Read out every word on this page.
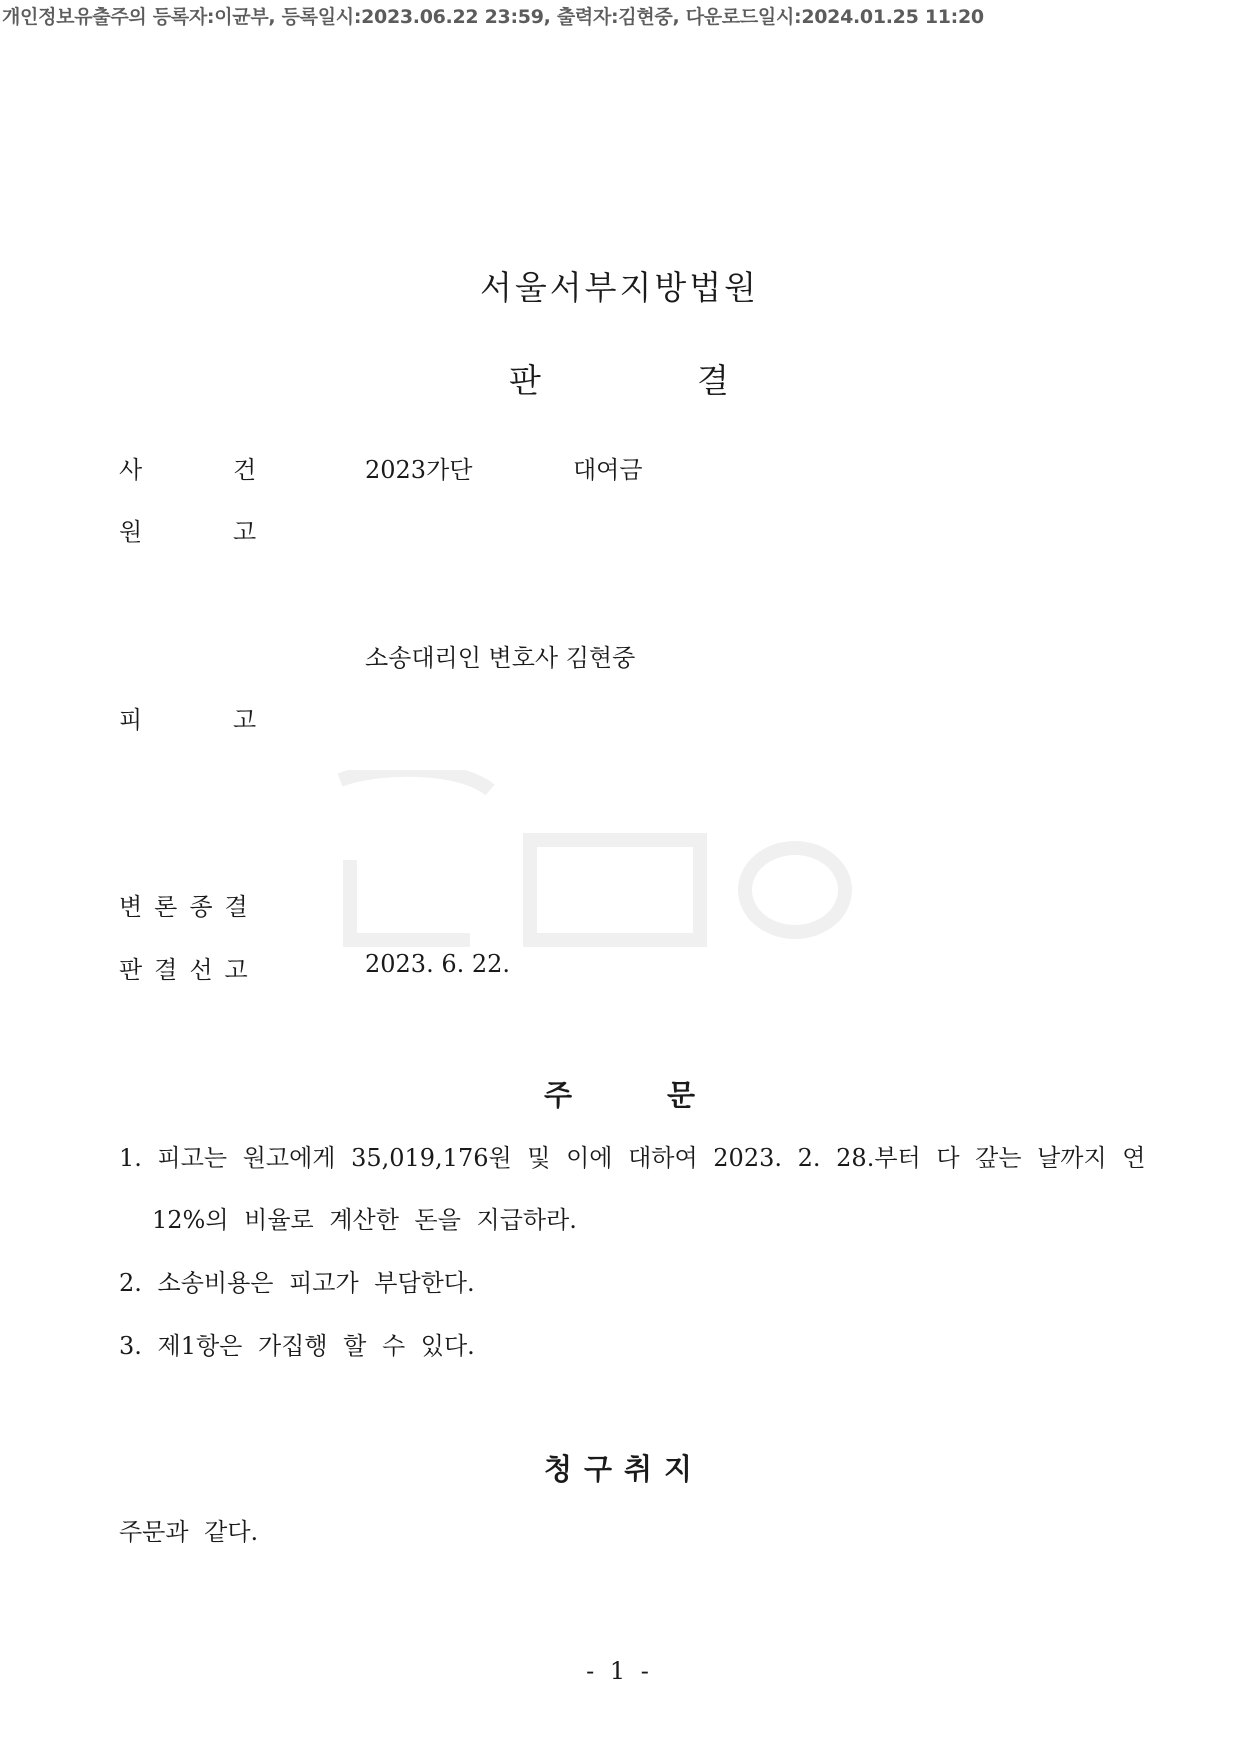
개인정보유출주의 등록자:이균부, 등록일시:2023.06.22 23:59, 출력자:김현중, 다운로드일시:2024.01.25 11:20
서울서부지방법원
판	결
사	건	2023가단	대여금
원	고
소송대리인 변호사 김현중
피	고
변론종결
판결선고	2023. 6. 22.
주	문
1. 피고는 원고에게 35,019,176원 및 이에 대하여 2023. 2. 28.부터 다 갚는 날까지 연
12%의 비율로 계산한 돈을 지급하라.
2. 소송비용은 피고가 부담한다.
3. 제1항은 가집행 할 수 있다.
청구취지
주문과 같다.
- 1 -
